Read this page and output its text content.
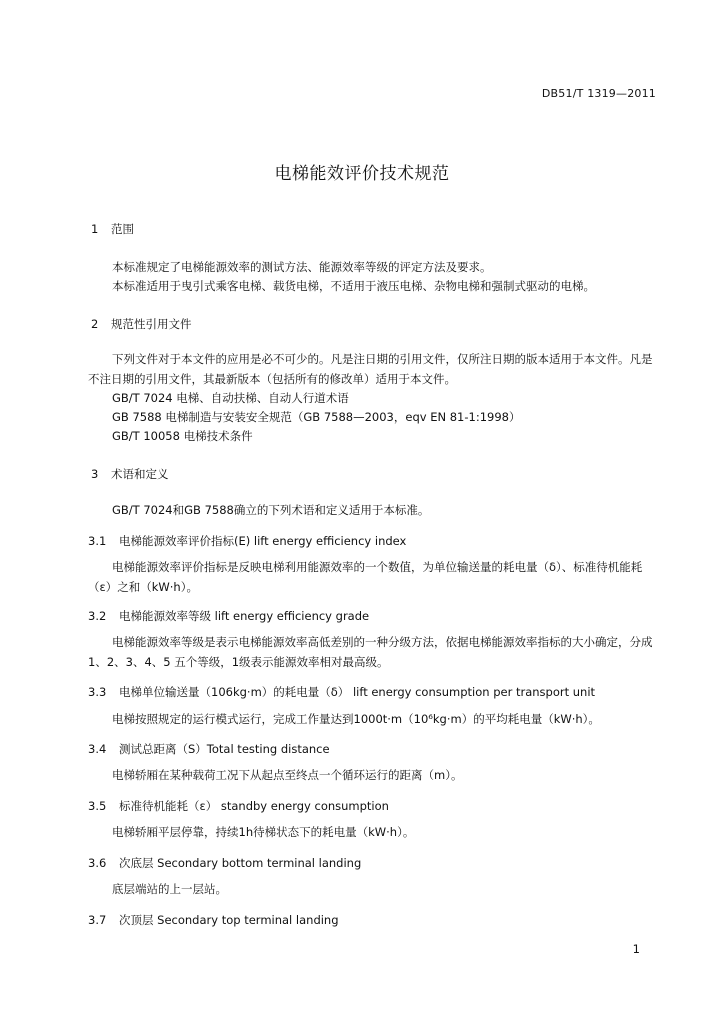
DB51/T 1319—2011
电梯能效评价技术规范
1 范围
本标准规定了电梯能源效率的测试方法、能源效率等级的评定方法及要求。
本标准适用于曳引式乘客电梯、载货电梯，不适用于液压电梯、杂物电梯和强制式驱动的电梯。
2 规范性引用文件
下列文件对于本文件的应用是必不可少的。凡是注日期的引用文件，仅所注日期的版本适用于本文件。凡是不注日期的引用文件，其最新版本（包括所有的修改单）适用于本文件。
GB/T 7024 电梯、自动扶梯、自动人行道术语
GB 7588 电梯制造与安装安全规范（GB 7588—2003，eqv EN 81-1:1998）
GB/T 10058 电梯技术条件
3 术语和定义
GB/T 7024和GB 7588确立的下列术语和定义适用于本标准。
3.1 电梯能源效率评价指标(E) lift energy efficiency index
电梯能源效率评价指标是反映电梯利用能源效率的一个数值，为单位输送量的耗电量（δ）、标准待机能耗（ε）之和（kW·h）。
3.2 电梯能源效率等级 lift energy efficiency grade
电梯能源效率等级是表示电梯能源效率高低差别的一种分级方法，依据电梯能源效率指标的大小确定，分成1、2、3、4、5 五个等级，1级表示能源效率相对最高级。
3.3 电梯单位输送量（106kg·m）的耗电量（δ） lift energy consumption per transport unit
电梯按照规定的运行模式运行，完成工作量达到1000t·m（10⁶kg·m）的平均耗电量（kW·h）。
3.4 测试总距离（S）Total testing distance
电梯轿厢在某种载荷工况下从起点至终点一个循环运行的距离（m）。
3.5 标准待机能耗（ε） standby energy consumption
电梯轿厢平层停靠，持续1h待梯状态下的耗电量（kW·h）。
3.6 次底层 Secondary bottom terminal landing
底层端站的上一层站。
3.7 次顶层 Secondary top terminal landing
1
